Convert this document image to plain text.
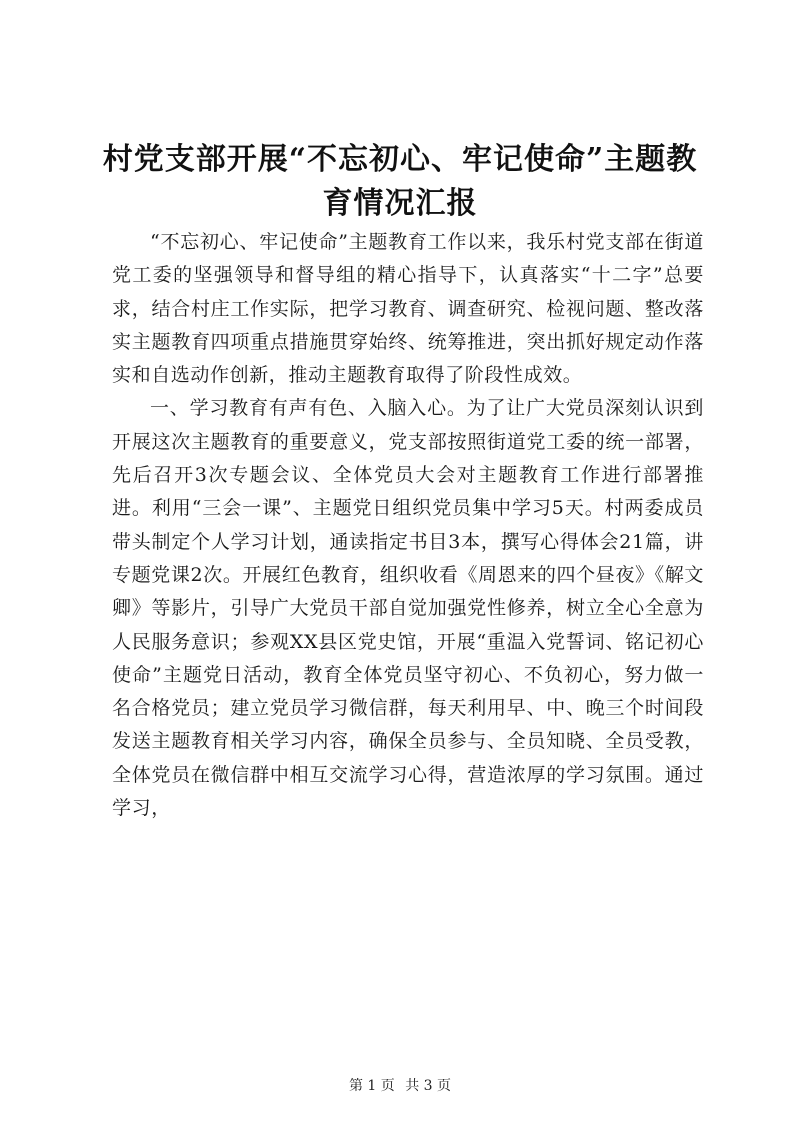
村党支部开展“不忘初心、牢记使命”主题教育情况汇报

“不忘初心、牢记使命”主题教育工作以来，我乐村党支部在街道党工委的坚强领导和督导组的精心指导下，认真落实“十二字”总要求，结合村庄工作实际，把学习教育、调查研究、检视问题、整改落实主题教育四项重点措施贯穿始终、统筹推进，突出抓好规定动作落实和自选动作创新，推动主题教育取得了阶段性成效。

一、学习教育有声有色、入脑入心。为了让广大党员深刻认识到开展这次主题教育的重要意义，党支部按照街道党工委的统一部署，先后召开3次专题会议、全体党员大会对主题教育工作进行部署推进。利用“三会一课”、主题党日组织党员集中学习5天。村两委成员带头制定个人学习计划，通读指定书目3本，撰写心得体会21篇，讲专题党课2次。开展红色教育，组织收看《周恩来的四个昼夜》《解文卿》等影片，引导广大党员干部自觉加强党性修养，树立全心全意为人民服务意识；参观XX县区党史馆，开展“重温入党誓词、铭记初心使命”主题党日活动，教育全体党员坚守初心、不负初心，努力做一名合格党员；建立党员学习微信群，每天利用早、中、晚三个时间段发送主题教育相关学习内容，确保全员参与、全员知晓、全员受教，全体党员在微信群中相互交流学习心得，营造浓厚的学习氛围。通过学习，

第 1 页 共 3 页
